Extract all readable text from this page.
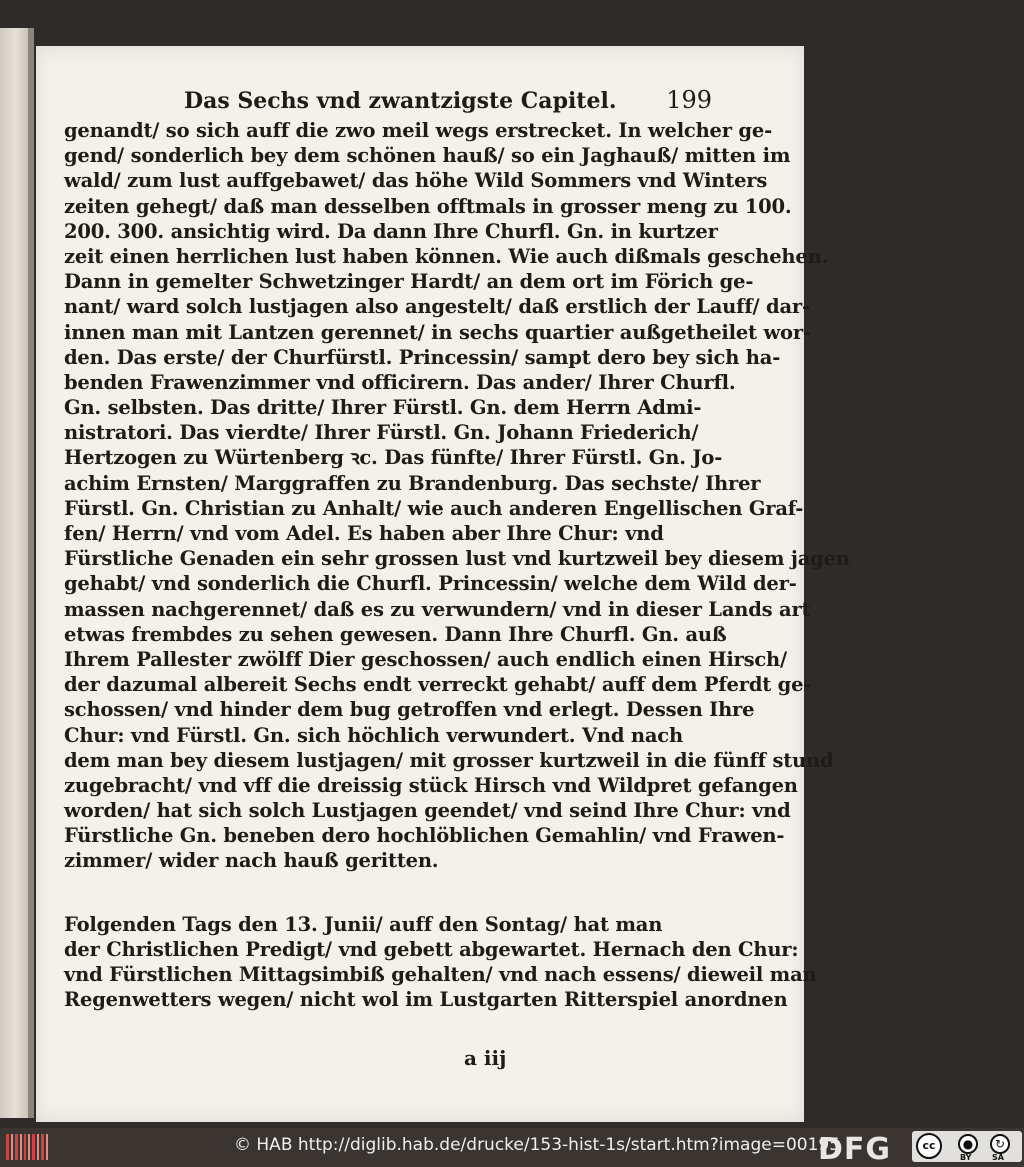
Das Sechs vnd zwantzigste Capitel. 199
genandt/ so sich auff die zwo meil wegs erstrecket. In welcher ge-
gend/ sonderlich bey dem schönen hauß/ so ein Jaghauß/ mitten im
wald/ zum lust auffgebawet/ das höhe Wild Sommers vnd Winters
zeiten gehegt/ daß man desselben offtmals in grosser meng zu 100.
200. 300. ansichtig wird. Da dann Ihre Churfl. Gn. in kurtzer
zeit einen herrlichen lust haben können. Wie auch dißmals geschehen.
Dann in gemelter Schwetzinger Hardt/ an dem ort im Förich ge-
nant/ ward solch lustjagen also angestelt/ daß erstlich der Lauff/ dar-
innen man mit Lantzen gerennet/ in sechs quartier außgetheilet wor-
den. Das erste/ der Churfürstl. Princessin/ sampt dero bey sich ha-
benden Frawenzimmer vnd officirern. Das ander/ Ihrer Churfl.
Gn. selbsten. Das dritte/ Ihrer Fürstl. Gn. dem Herrn Admi-
nistratori. Das vierdte/ Ihrer Fürstl. Gn. Johann Friederich/
Hertzogen zu Würtenberg ꝛc. Das fünfte/ Ihrer Fürstl. Gn. Jo-
achim Ernsten/ Marggraffen zu Brandenburg. Das sechste/ Ihrer
Fürstl. Gn. Christian zu Anhalt/ wie auch anderen Engellischen Graf-
fen/ Herrn/ vnd vom Adel. Es haben aber Ihre Chur: vnd
Fürstliche Genaden ein sehr grossen lust vnd kurtzweil bey diesem jagen
gehabt/ vnd sonderlich die Churfl. Princessin/ welche dem Wild der-
massen nachgerennet/ daß es zu verwundern/ vnd in dieser Lands art
etwas frembdes zu sehen gewesen. Dann Ihre Churfl. Gn. auß
Ihrem Pallester zwölff Dier geschossen/ auch endlich einen Hirsch/
der dazumal albereit Sechs endt verreckt gehabt/ auff dem Pferdt ge-
schossen/ vnd hinder dem bug getroffen vnd erlegt. Dessen Ihre
Chur: vnd Fürstl. Gn. sich höchlich verwundert. Vnd nach
dem man bey diesem lustjagen/ mit grosser kurtzweil in die fünff stund
zugebracht/ vnd vff die dreissig stück Hirsch vnd Wildpret gefangen
worden/ hat sich solch Lustjagen geendet/ vnd seind Ihre Chur: vnd
Fürstliche Gn. beneben dero hochlöblichen Gemahlin/ vnd Frawen-
zimmer/ wider nach hauß geritten.
Folgenden Tags den 13. Junii/ auff den Sontag/ hat man
der Christlichen Predigt/ vnd gebett abgewartet. Hernach den Chur:
vnd Fürstlichen Mittagsimbiß gehalten/ vnd nach essens/ dieweil man
Regenwetters wegen/ nicht wol im Lustgarten Ritterspiel anordnen
a iij
© HAB http://diglib.hab.de/drucke/153-hist-1s/start.htm?image=00195
DFG	cc	●	↻
BY	SA
